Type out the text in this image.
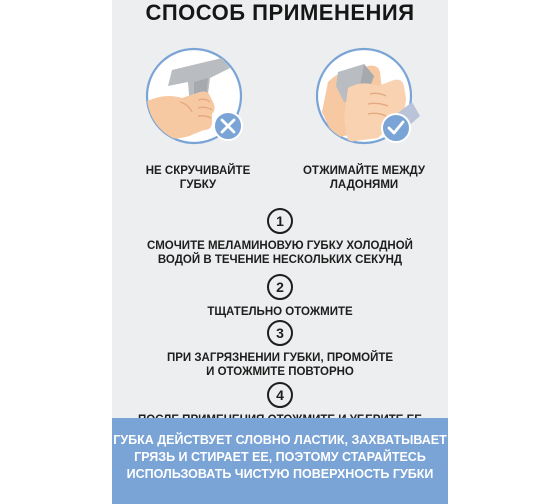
СПОСОБ ПРИМЕНЕНИЯ
НЕ СКРУЧИВАЙТЕ
ГУБКУ
ОТЖИМАЙТЕ МЕЖДУ
ЛАДОНЯМИ
1
СМОЧИТЕ МЕЛАМИНОВУЮ ГУБКУ ХОЛОДНОЙ
ВОДОЙ В ТЕЧЕНИЕ НЕСКОЛЬКИХ СЕКУНД
2
ТЩАТЕЛЬНО ОТОЖМИТЕ
3
ПРИ ЗАГРЯЗНЕНИИ ГУБКИ, ПРОМОЙТЕ
И ОТОЖМИТЕ ПОВТОРНО
4
ГУБКА ДЕЙСТВУЕТ СЛОВНО ЛАСТИК, ЗАХВАТЫВАЕТ
ГРЯЗЬ И СТИРАЕТ ЕЕ, ПОЭТОМУ СТАРАЙТЕСЬ
ИСПОЛЬЗОВАТЬ ЧИСТУЮ ПОВЕРХНОСТЬ ГУБКИ
